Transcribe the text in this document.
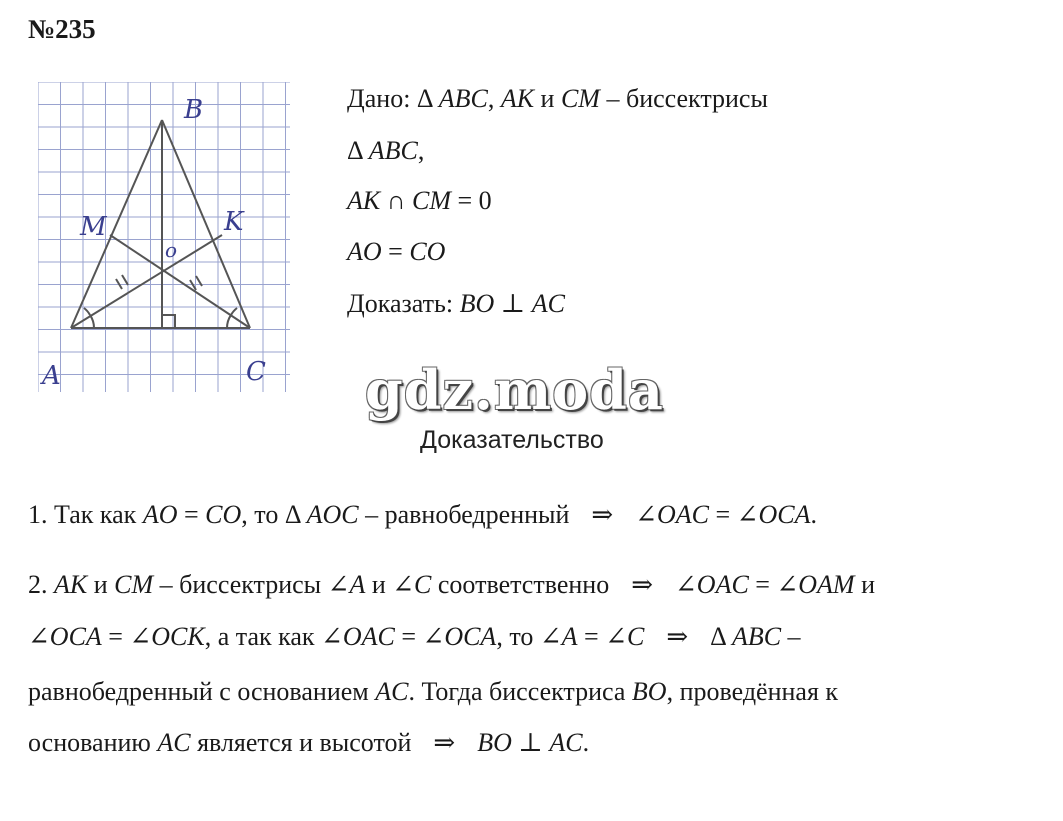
№235
B
M	K
o
A	C
Дано: Δ ABC, AK и CM – биссектрисы
Δ ABC,
AK ∩ CM = 0
AO = CO
Доказать: BO ⊥ AC
gdz.moda
Доказательство
1. Так как AO = CO, то Δ AOC – равнобедренный ⇒ ∠OAC = ∠OCA.
2. AK и CM – биссектрисы ∠A и ∠C соответственно ⇒ ∠OAC = ∠OAM и
∠OCA = ∠OCK, а так как ∠OAC = ∠OCA, то ∠A = ∠C ⇒ Δ ABC –
равнобедренный с основанием AC. Тогда биссектриса BO, проведённая к
основанию AC является и высотой ⇒ BO ⊥ AC.
